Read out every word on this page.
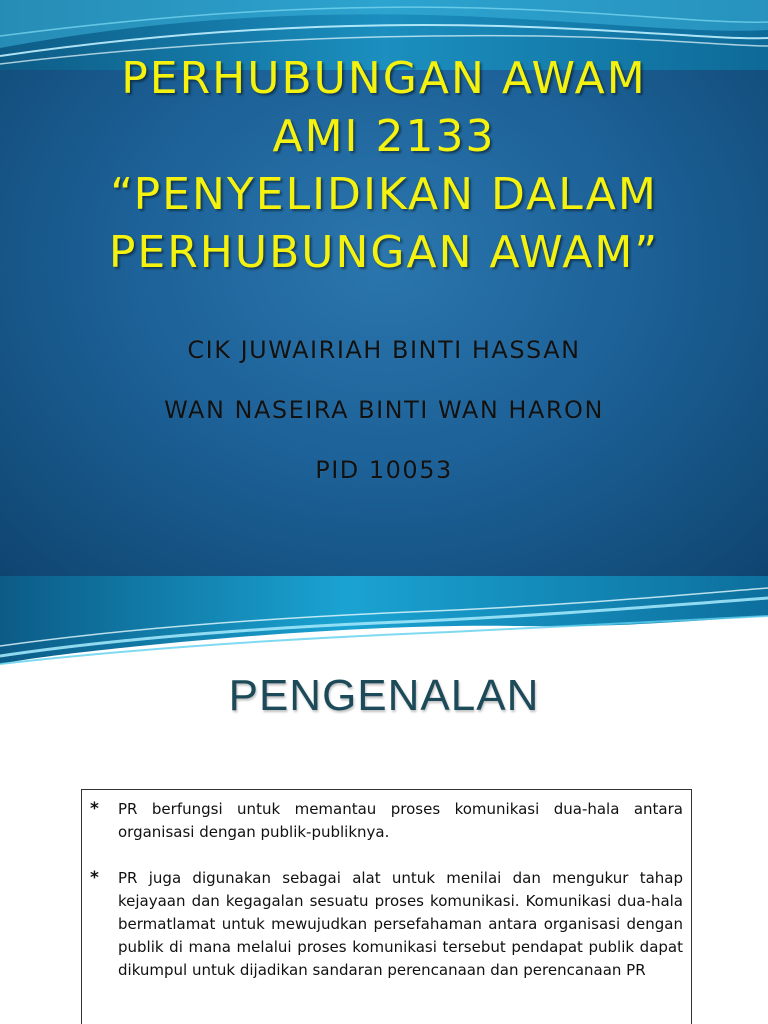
PERHUBUNGAN AWAM
AMI 2133
“PENYELIDIKAN DALAM
PERHUBUNGAN AWAM”
CIK JUWAIRIAH BINTI HASSAN
WAN NASEIRA BINTI WAN HARON
PID 10053
PENGENALAN
*	PR berfungsi untuk memantau proses komunikasi dua-hala antara organisasi dengan publik-publiknya.
*	PR juga digunakan sebagai alat untuk menilai dan mengukur tahap kejayaan dan kegagalan sesuatu proses komunikasi. Komunikasi dua-hala bermatlamat untuk mewujudkan persefahaman antara organisasi dengan publik di mana melalui proses komunikasi tersebut pendapat publik dapat dikumpul untuk dijadikan sandaran perencanaan dan perencanaan PR
